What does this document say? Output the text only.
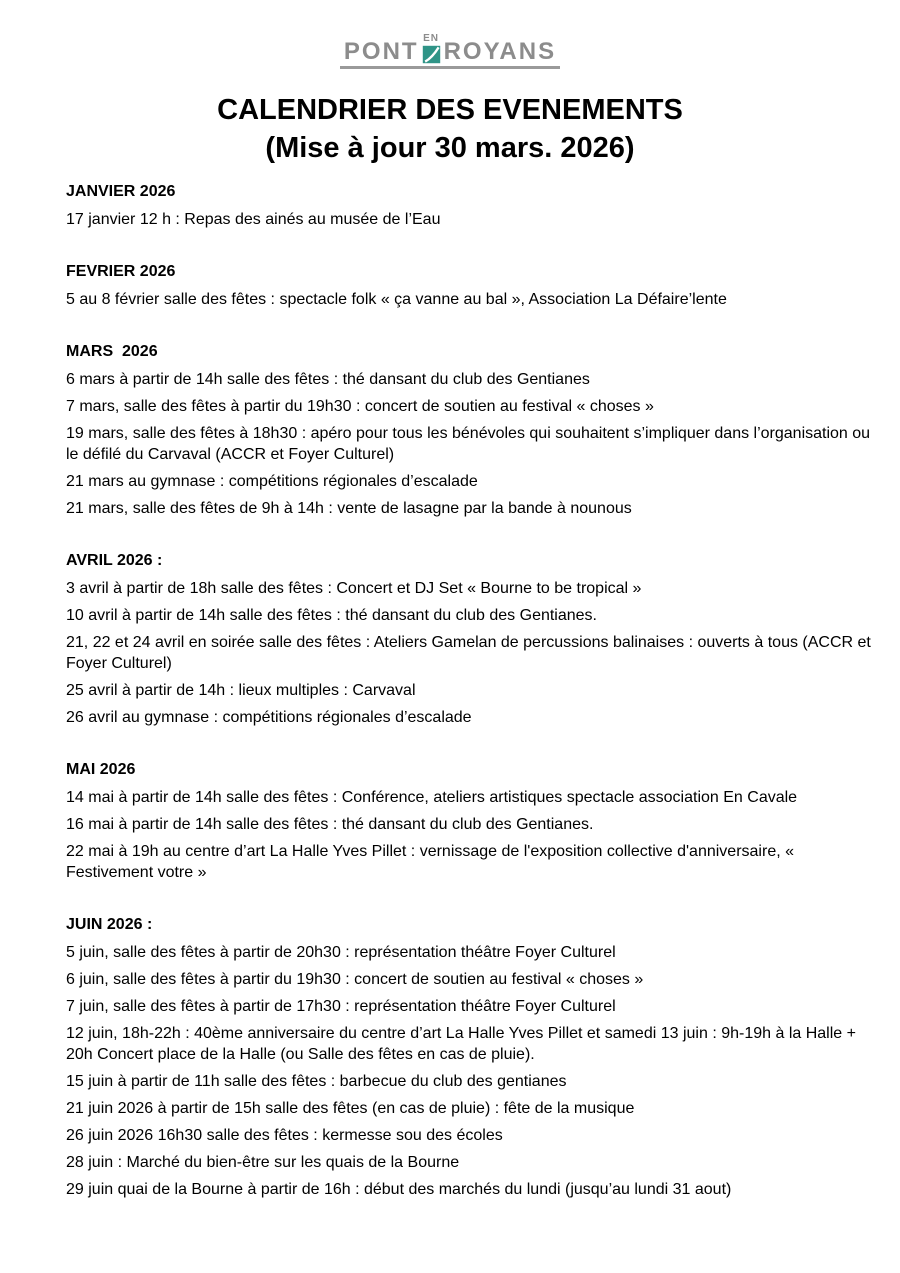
PONT EN ROYANS
CALENDRIER DES EVENEMENTS
(Mise à jour 30 mars. 2026)
JANVIER 2026

17 janvier 12 h : Repas des ainés au musée de l’Eau

FEVRIER 2026

5 au 8 février salle des fêtes : spectacle folk « ça vanne au bal », Association La Défaire’lente

MARS  2026

6 mars à partir de 14h salle des fêtes : thé dansant du club des Gentianes

7 mars, salle des fêtes à partir du 19h30 : concert de soutien au festival « choses »

19 mars, salle des fêtes à 18h30 : apéro pour tous les bénévoles qui souhaitent s’impliquer dans l’organisation ou le défilé du Carvaval (ACCR et Foyer Culturel)

21 mars au gymnase : compétitions régionales d’escalade

21 mars, salle des fêtes de 9h à 14h : vente de lasagne par la bande à nounous

AVRIL 2026 :

3 avril à partir de 18h salle des fêtes : Concert et DJ Set « Bourne to be tropical »

10 avril à partir de 14h salle des fêtes : thé dansant du club des Gentianes.

21, 22 et 24 avril en soirée salle des fêtes : Ateliers Gamelan de percussions balinaises : ouverts à tous (ACCR et Foyer Culturel)

25 avril à partir de 14h : lieux multiples : Carvaval

26 avril au gymnase : compétitions régionales d’escalade

MAI 2026

14 mai à partir de 14h salle des fêtes : Conférence, ateliers artistiques spectacle association En Cavale

16 mai à partir de 14h salle des fêtes : thé dansant du club des Gentianes.

22 mai à 19h au centre d’art La Halle Yves Pillet : vernissage de l'exposition collective d'anniversaire, « Festivement votre »

JUIN 2026 :

5 juin, salle des fêtes à partir de 20h30 : représentation théâtre Foyer Culturel

6 juin, salle des fêtes à partir du 19h30 : concert de soutien au festival « choses »

7 juin, salle des fêtes à partir de 17h30 : représentation théâtre Foyer Culturel

12 juin, 18h-22h : 40ème anniversaire du centre d’art La Halle Yves Pillet et samedi 13 juin : 9h-19h à la Halle + 20h Concert place de la Halle (ou Salle des fêtes en cas de pluie).

15 juin à partir de 11h salle des fêtes : barbecue du club des gentianes

21 juin 2026 à partir de 15h salle des fêtes (en cas de pluie) : fête de la musique

26 juin 2026 16h30 salle des fêtes : kermesse sou des écoles

28 juin : Marché du bien-être sur les quais de la Bourne

29 juin quai de la Bourne à partir de 16h : début des marchés du lundi (jusqu’au lundi 31 aout)
